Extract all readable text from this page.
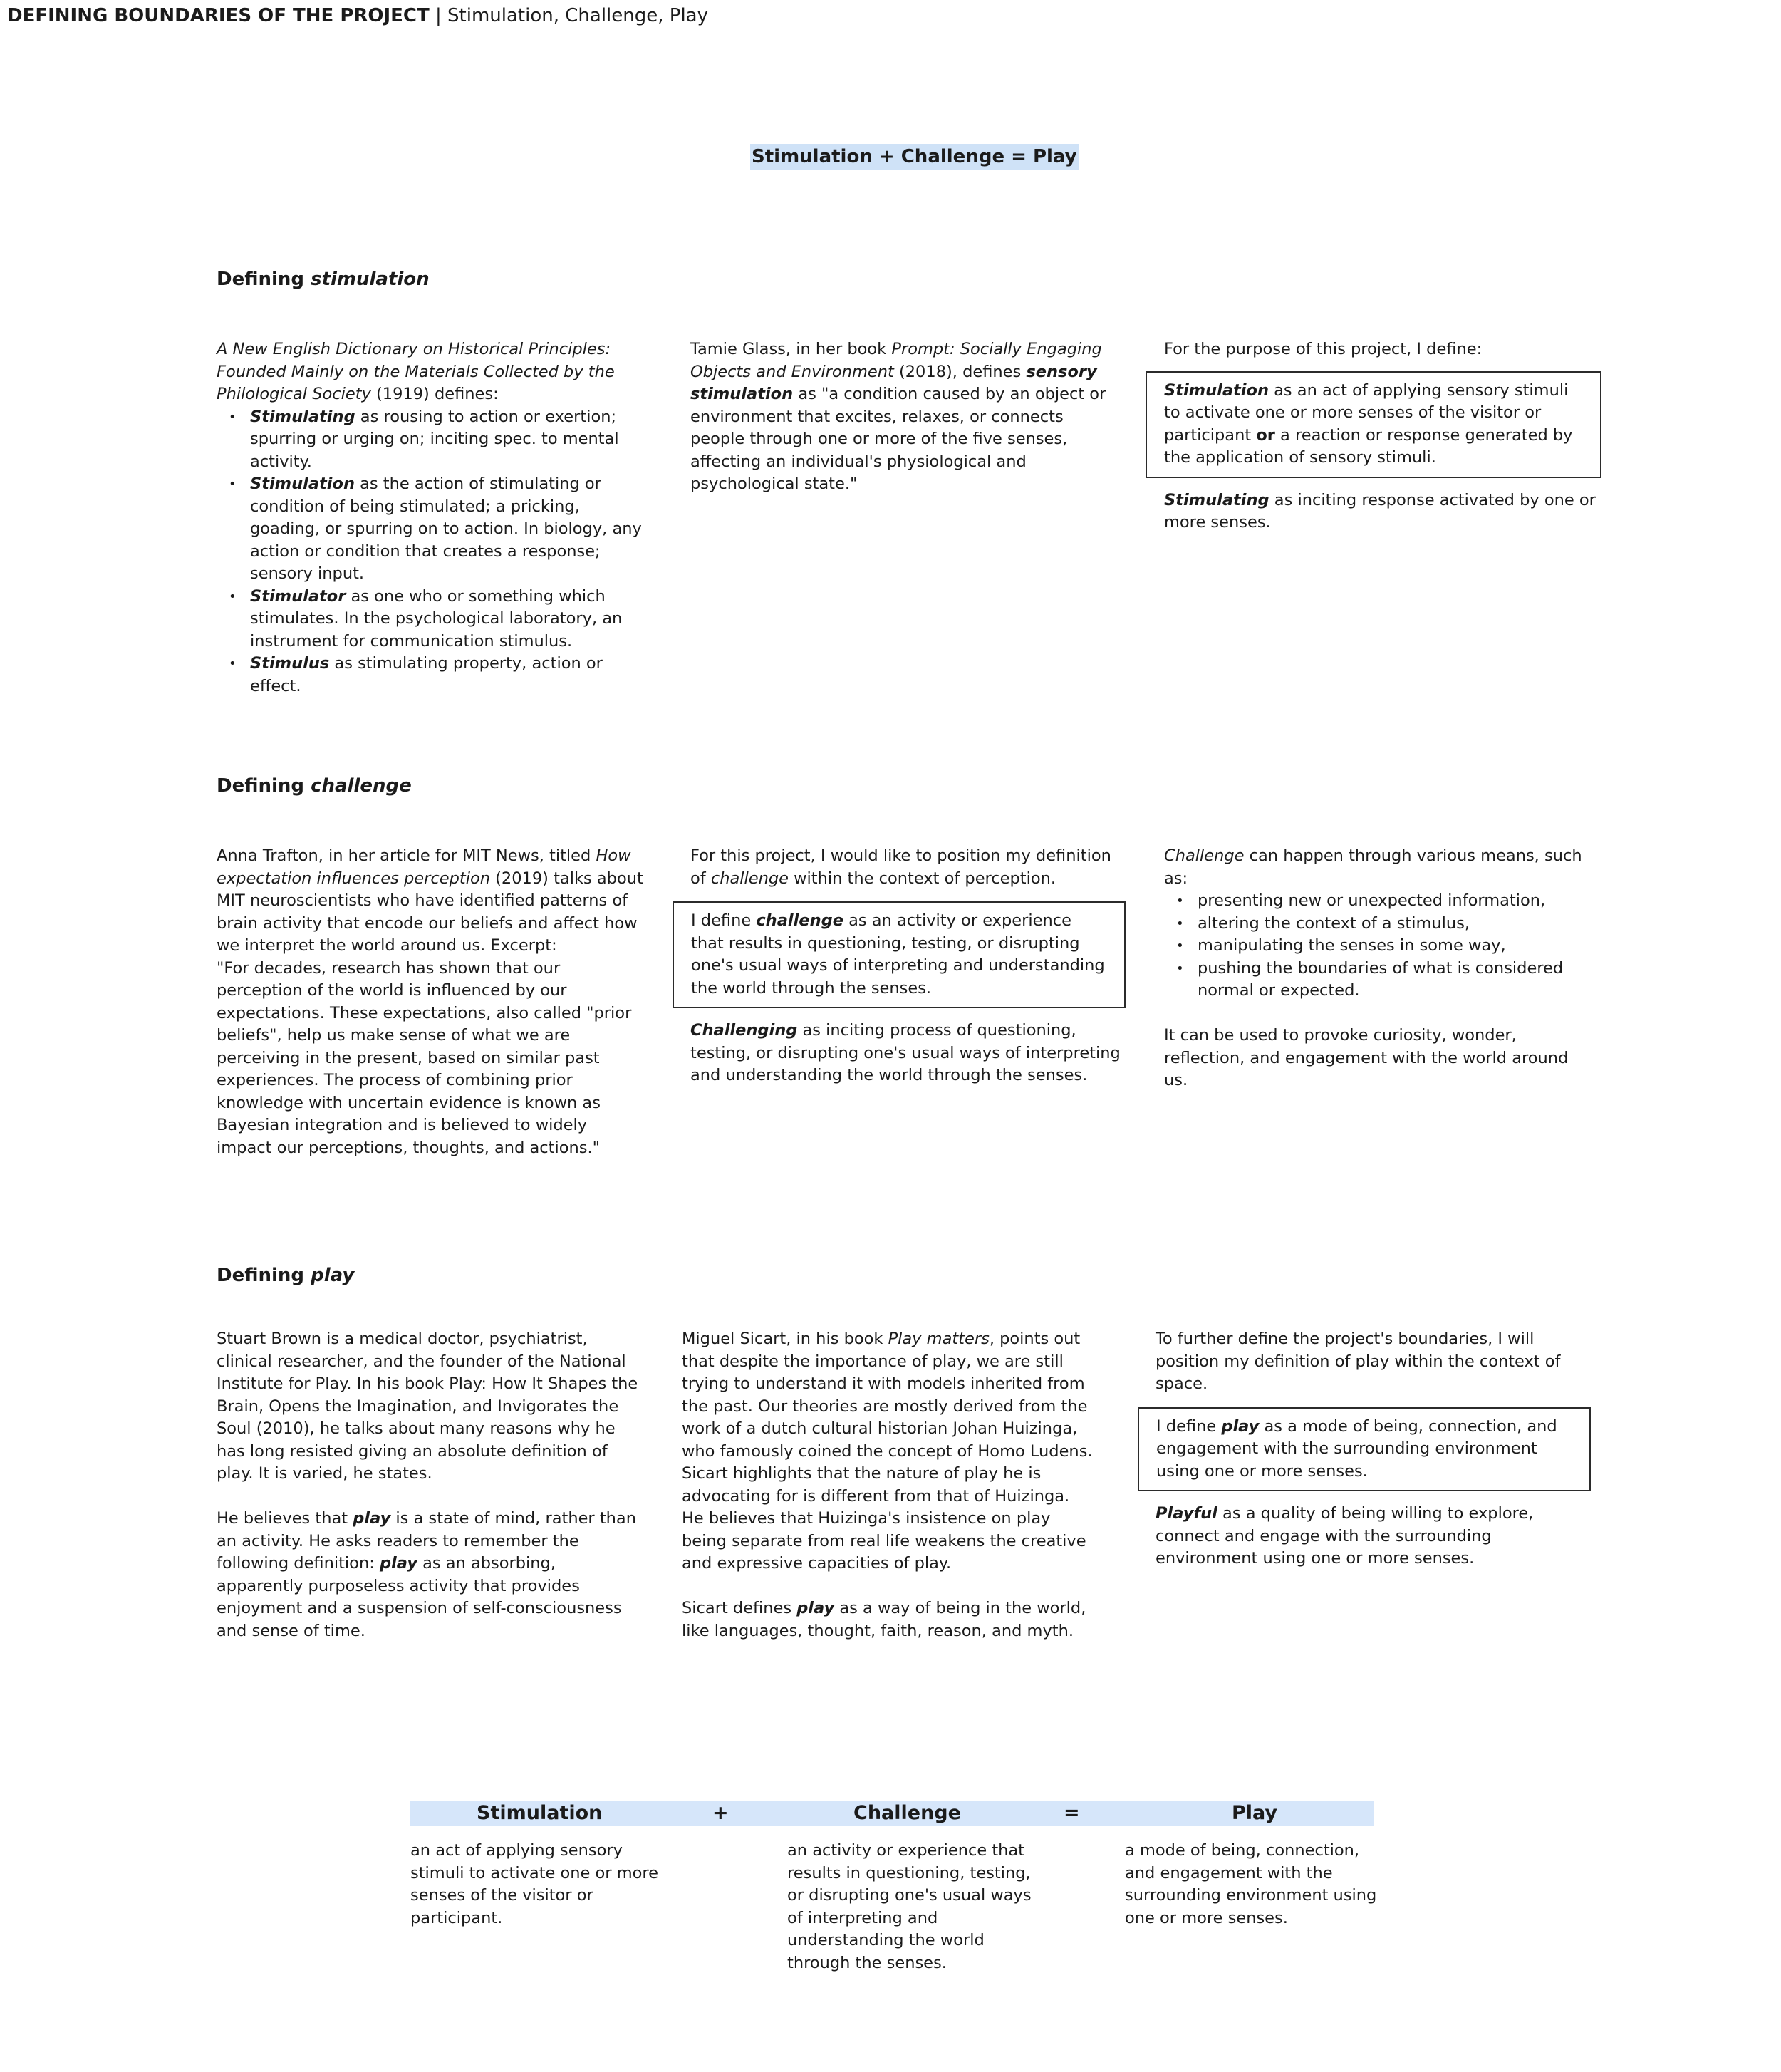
DEFINING BOUNDARIES OF THE PROJECT | Stimulation, Challenge, Play
Stimulation + Challenge = Play
Defining stimulation

A New English Dictionary on Historical Principles: Founded Mainly on the Materials Collected by the Philological Society (1919) defines:

• Stimulating as rousing to action or exertion; spurring or urging on; inciting spec. to mental activity.
• Stimulation as the action of stimulating or condition of being stimulated; a pricking, goading, or spurring on to action. In biology, any action or condition that creates a response; sensory input.
• Stimulator as one who or something which stimulates. In the psychological laboratory, an instrument for communication stimulus.
• Stimulus as stimulating property, action or effect.

Tamie Glass, in her book Prompt: Socially Engaging Objects and Environment (2018), defines sensory stimulation as "a condition caused by an object or environment that excites, relaxes, or connects people through one or more of the five senses, affecting an individual's physiological and psychological state."

For the purpose of this project, I define:

Stimulation as an act of applying sensory stimuli to activate one or more senses of the visitor or participant or a reaction or response generated by the application of sensory stimuli.

Stimulating as inciting response activated by one or more senses.

Defining challenge

Anna Trafton, in her article for MIT News, titled How expectation influences perception (2019) talks about MIT neuroscientists who have identified patterns of brain activity that encode our beliefs and affect how we interpret the world around us. Excerpt:

"For decades, research has shown that our perception of the world is influenced by our expectations. These expectations, also called "prior beliefs", help us make sense of what we are perceiving in the present, based on similar past experiences. The process of combining prior knowledge with uncertain evidence is known as Bayesian integration and is believed to widely impact our perceptions, thoughts, and actions."

For this project, I would like to position my definition of challenge within the context of perception.

I define challenge as an activity or experience that results in questioning, testing, or disrupting one's usual ways of interpreting and understanding the world through the senses.

Challenging as inciting process of questioning, testing, or disrupting one's usual ways of interpreting and understanding the world through the senses.

Challenge can happen through various means, such as:

• presenting new or unexpected information,
• altering the context of a stimulus,
• manipulating the senses in some way,
• pushing the boundaries of what is considered normal or expected.

It can be used to provoke curiosity, wonder, reflection, and engagement with the world around us.

Defining play

Stuart Brown is a medical doctor, psychiatrist, clinical researcher, and the founder of the National Institute for Play. In his book Play: How It Shapes the Brain, Opens the Imagination, and Invigorates the Soul (2010), he talks about many reasons why he has long resisted giving an absolute definition of play. It is varied, he states.

He believes that play is a state of mind, rather than an activity. He asks readers to remember the following definition: play as an absorbing, apparently purposeless activity that provides enjoyment and a suspension of self-consciousness and sense of time.

Miguel Sicart, in his book Play matters, points out that despite the importance of play, we are still trying to understand it with models inherited from the past. Our theories are mostly derived from the work of a dutch cultural historian Johan Huizinga, who famously coined the concept of Homo Ludens. Sicart highlights that the nature of play he is advocating for is different from that of Huizinga. He believes that Huizinga's insistence on play being separate from real life weakens the creative and expressive capacities of play.

Sicart defines play as a way of being in the world, like languages, thought, faith, reason, and myth.

To further define the project's boundaries, I will position my definition of play within the context of space.

I define play as a mode of being, connection, and engagement with the surrounding environment using one or more senses.

Playful as a quality of being willing to explore, connect and engage with the surrounding environment using one or more senses.

Stimulation	+	Challenge	=	Play
an act of applying sensory stimuli to activate one or more senses of the visitor or participant.
an activity or experience that results in questioning, testing, or disrupting one's usual ways of interpreting and understanding the world through the senses.
a mode of being, connection, and engagement with the surrounding environment using one or more senses.
